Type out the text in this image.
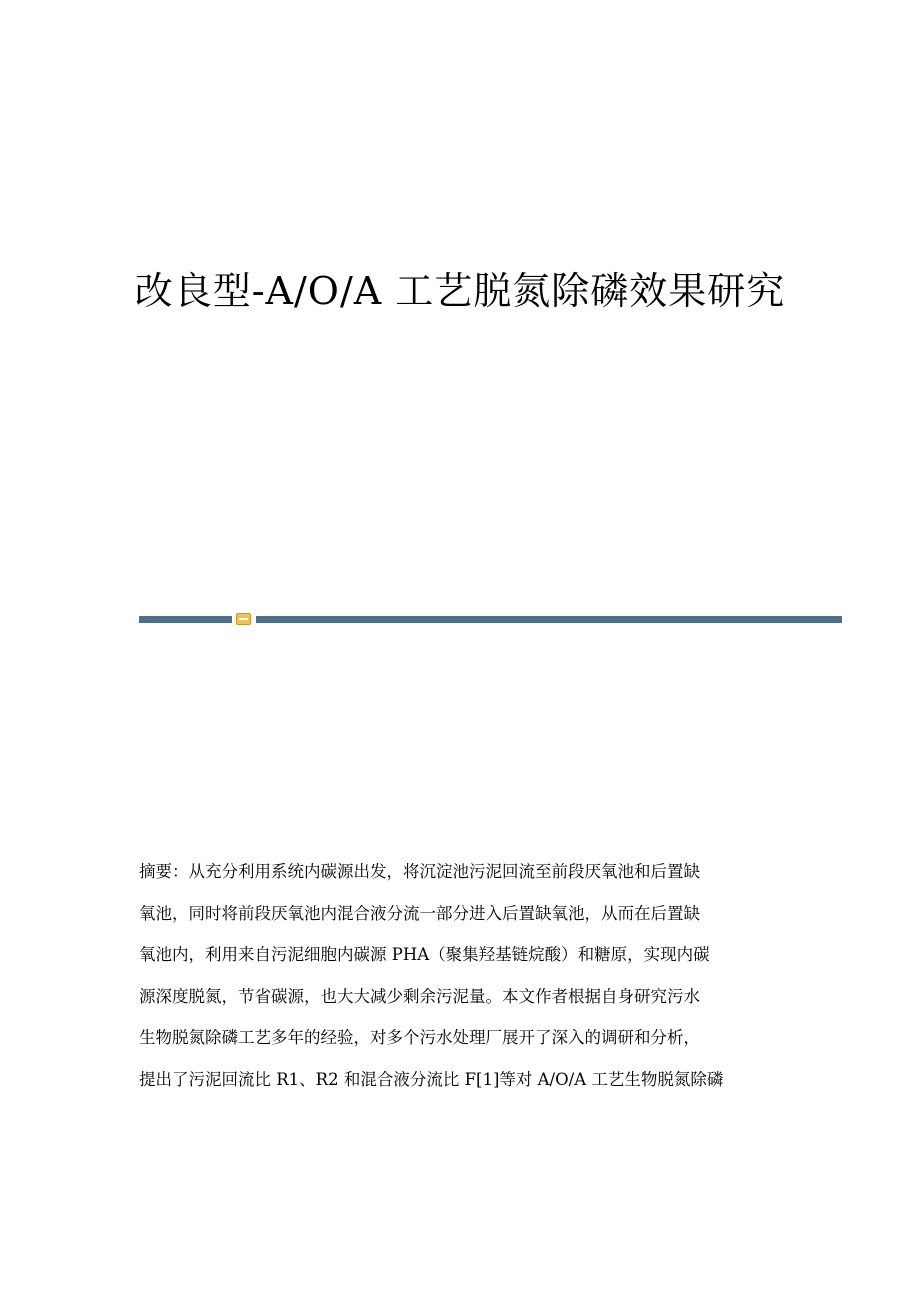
改良型-A/O/A 工艺脱氮除磷效果研究
摘要：从充分利用系统内碳源出发，将沉淀池污泥回流至前段厌氧池和后置缺
氧池，同时将前段厌氧池内混合液分流一部分进入后置缺氧池，从而在后置缺
氧池内，利用来自污泥细胞内碳源 PHA（聚集羟基链烷酸）和糖原，实现内碳
源深度脱氮，节省碳源，也大大减少剩余污泥量。本文作者根据自身研究污水
生物脱氮除磷工艺多年的经验，对多个污水处理厂展开了深入的调研和分析，
提出了污泥回流比 R1、R2 和混合液分流比 F[1]等对 A/O/A 工艺生物脱氮除磷
